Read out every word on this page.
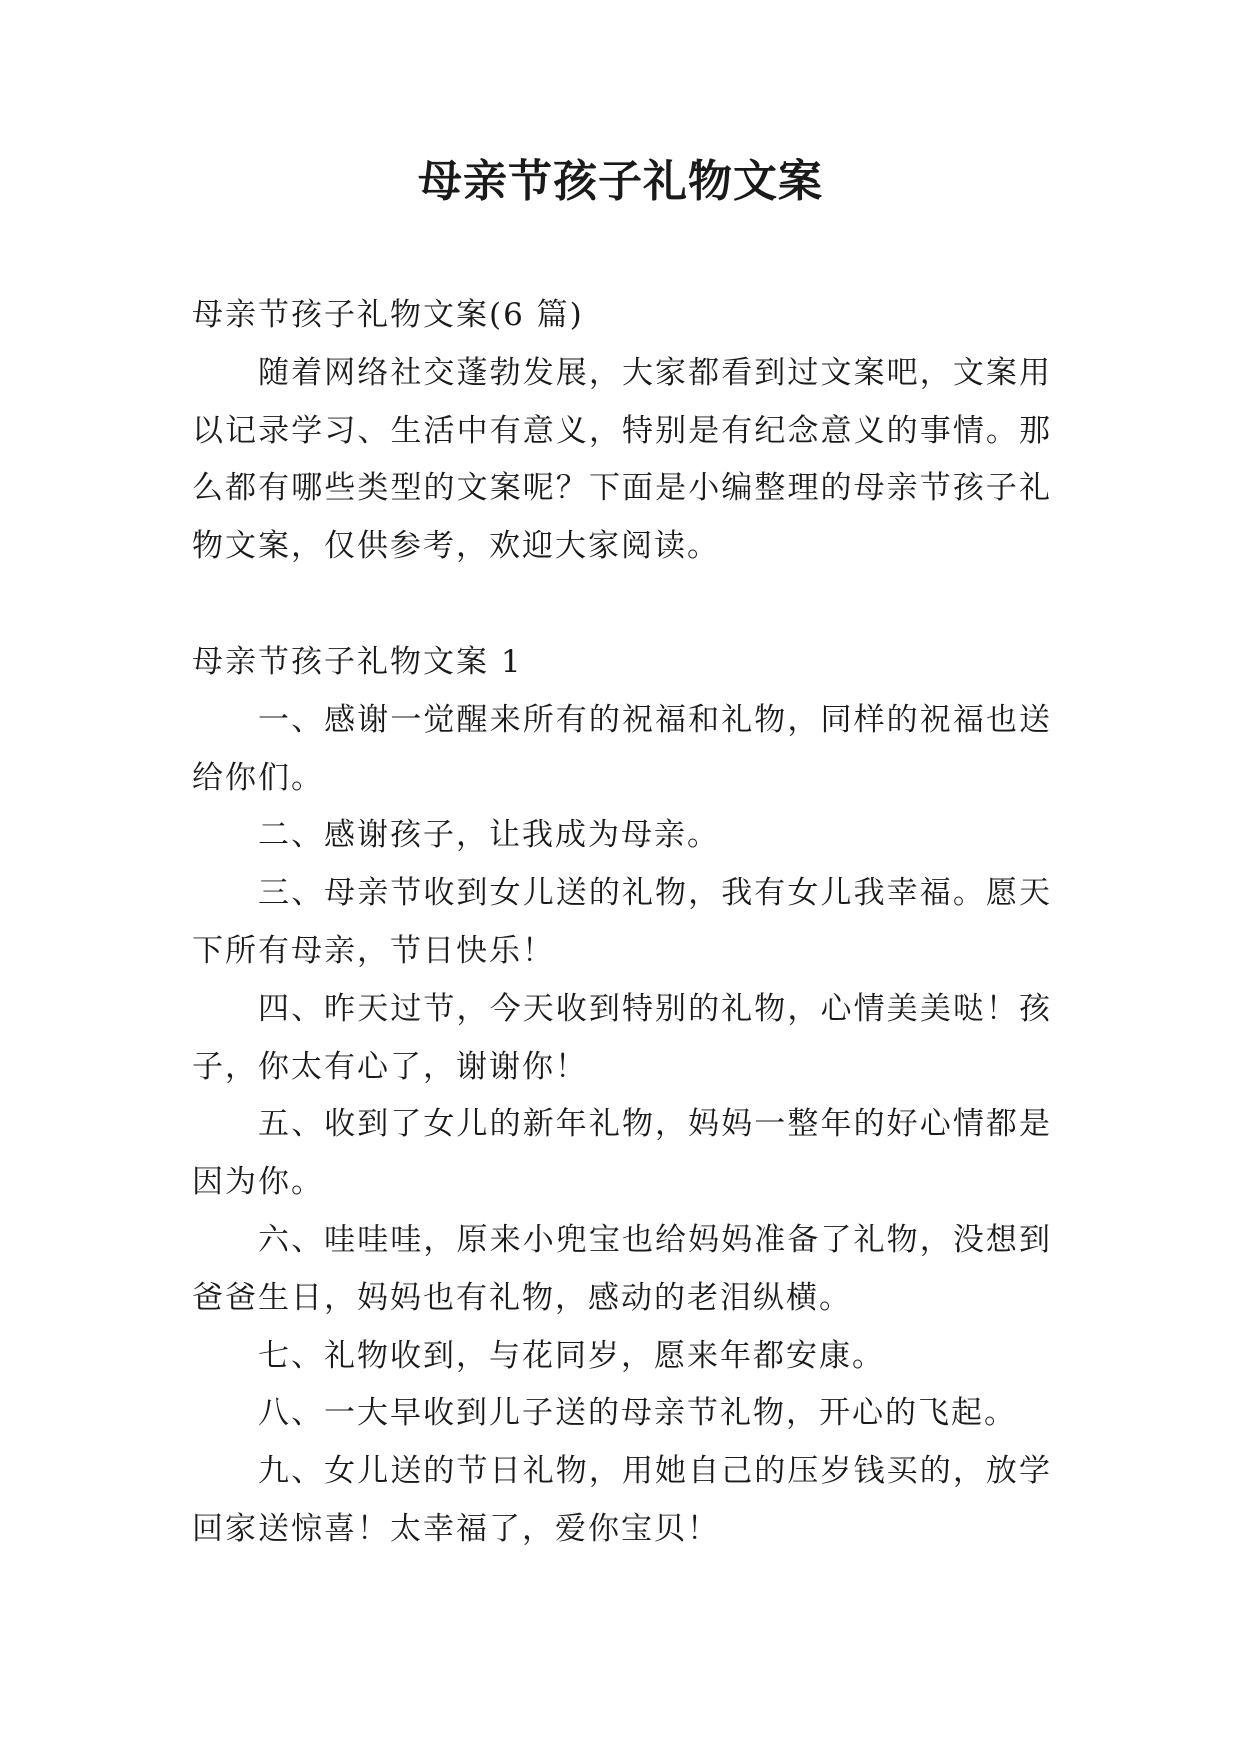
母亲节孩子礼物文案

母亲节孩子礼物文案(6 篇)

随着网络社交蓬勃发展，大家都看到过文案吧，文案用以记录学习、生活中有意义，特别是有纪念意义的事情。那么都有哪些类型的文案呢？下面是小编整理的母亲节孩子礼物文案，仅供参考，欢迎大家阅读。

母亲节孩子礼物文案 1

一、感谢一觉醒来所有的祝福和礼物，同样的祝福也送给你们。

二、感谢孩子，让我成为母亲。

三、母亲节收到女儿送的礼物，我有女儿我幸福。愿天下所有母亲，节日快乐！

四、昨天过节，今天收到特别的礼物，心情美美哒！孩子，你太有心了，谢谢你！

五、收到了女儿的新年礼物，妈妈一整年的好心情都是因为你。

六、哇哇哇，原来小兜宝也给妈妈准备了礼物，没想到爸爸生日，妈妈也有礼物，感动的老泪纵横。

七、礼物收到，与花同岁，愿来年都安康。

八、一大早收到儿子送的母亲节礼物，开心的飞起。

九、女儿送的节日礼物，用她自己的压岁钱买的，放学回家送惊喜！太幸福了，爱你宝贝！
